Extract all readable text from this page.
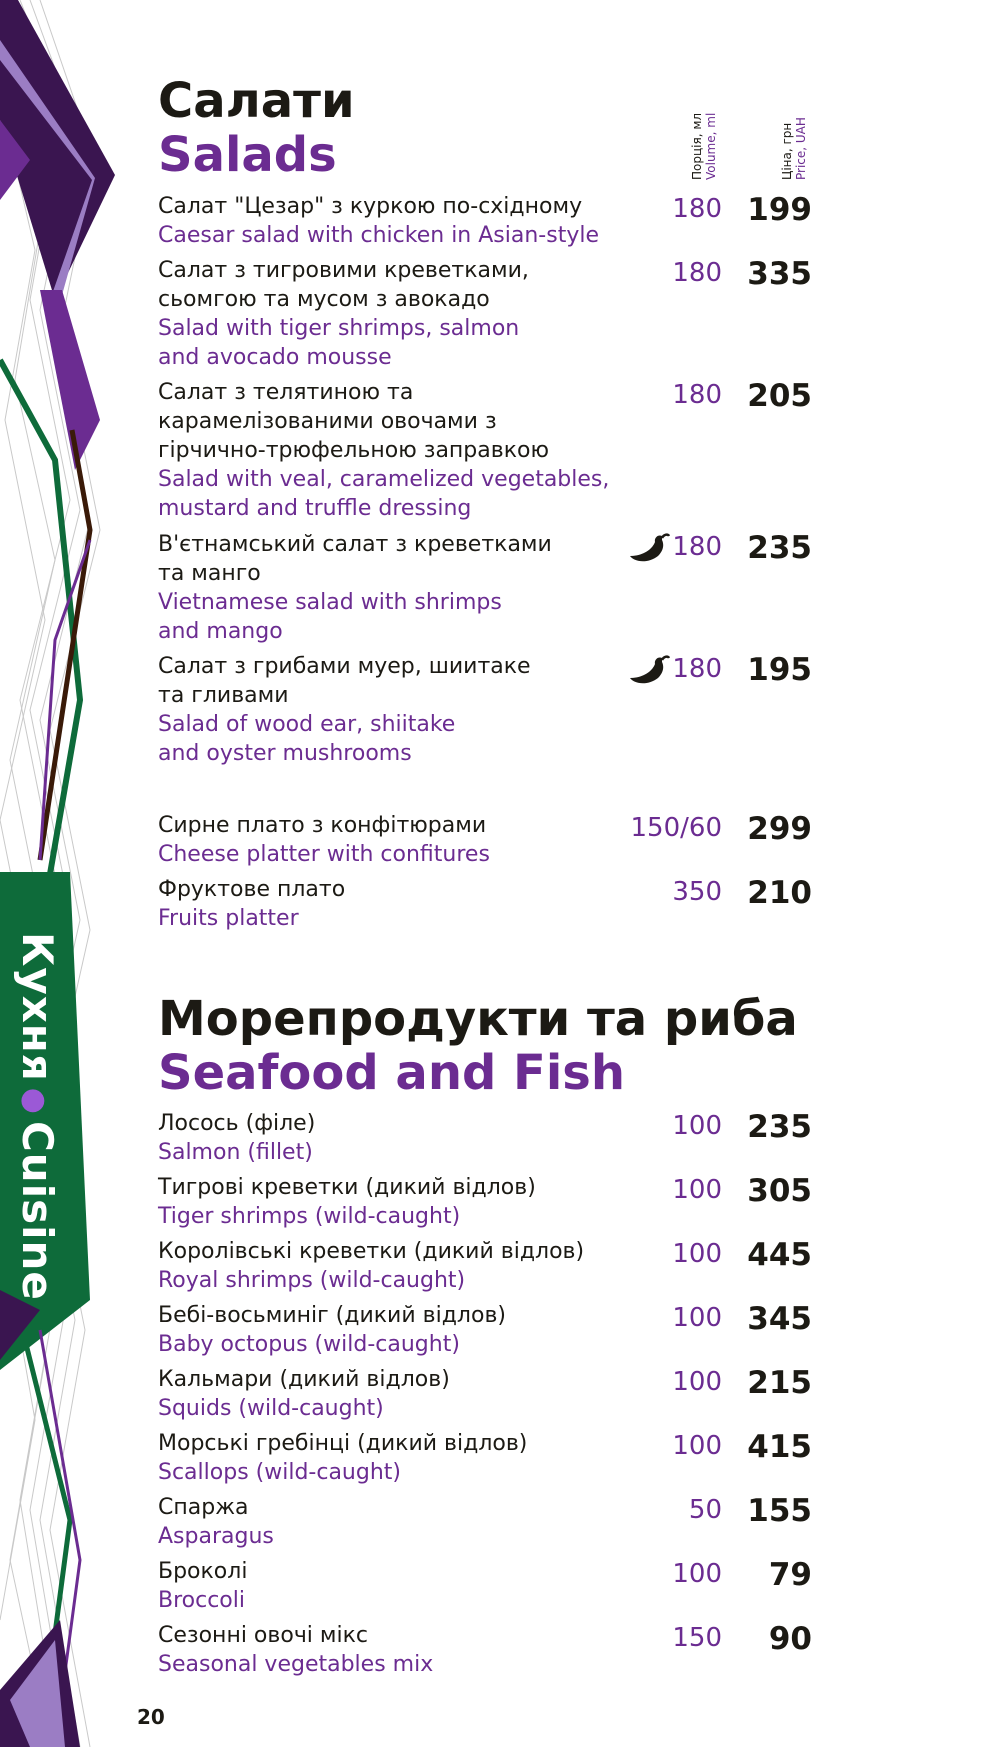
Кухня●Cuisine
Порція, мл Volume, ml	Ціна, грн Price, UAH
Салати
Salads
Салат "Цезар" з куркою по-східному
Caesar salad with chicken in Asian-style
180 199
Салат з тигровими креветками,
сьомгою та мусом з авокадо
Salad with tiger shrimps, salmon
and avocado mousse
180 335
Салат з телятиною та
карамелізованими овочами з
гірчично-трюфельною заправкою
Salad with veal, caramelized vegetables,
mustard and truffle dressing
180 205
В'єтнамський салат з креветками
та манго
Vietnamese salad with shrimps
and mango
180 235
Салат з грибами муер, шиитаке
та гливами
Salad of wood ear, shiitake
and oyster mushrooms
180 195
Сирне плато з конфітюрами
Cheese platter with confitures
150/60 299
Фруктове плато
Fruits platter
350 210
Морепродукти та риба
Seafood and Fish
Лосось (філе)
Salmon (fillet)
100 235
Тигрові креветки (дикий відлов)
Tiger shrimps (wild-caught)
100 305
Королівські креветки (дикий відлов)
Royal shrimps (wild-caught)
100 445
Бебі-восьминіг (дикий відлов)
Baby octopus (wild-caught)
100 345
Кальмари (дикий відлов)
Squids (wild-caught)
100 215
Морські гребінці (дикий відлов)
Scallops (wild-caught)
100 415
Спаржа
Asparagus
50 155
Броколі
Broccoli
100 79
Сезонні овочі мікс
Seasonal vegetables mix
150 90
20
